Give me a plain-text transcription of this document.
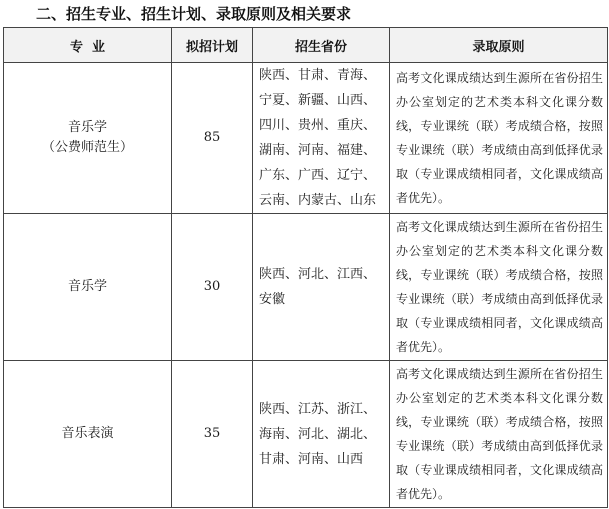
二、招生专业、招生计划、录取原则及相关要求
专  业	拟招计划	招生省份	录取原则

音乐学
（公费师范生）	85	陕西、甘肃、青海、宁夏、新疆、山西、四川、贵州、重庆、湖南、河南、福建、广东、广西、辽宁、云南、内蒙古、山东	高考文化课成绩达到生源所在省份招生办公室划定的艺术类本科文化课分数线，专业课统（联）考成绩合格，按照专业课统（联）考成绩由高到低择优录取（专业课成绩相同者，文化课成绩高者优先）。

音乐学	30	陕西、河北、江西、安徽	高考文化课成绩达到生源所在省份招生办公室划定的艺术类本科文化课分数线，专业课统（联）考成绩合格，按照专业课统（联）考成绩由高到低择优录取（专业课成绩相同者，文化课成绩高者优先）。

音乐表演	35	陕西、江苏、浙江、海南、河北、湖北、甘肃、河南、山西	高考文化课成绩达到生源所在省份招生办公室划定的艺术类本科文化课分数线，专业课统（联）考成绩合格，按照专业课统（联）考成绩由高到低择优录取（专业课成绩相同者，文化课成绩高者优先）。
